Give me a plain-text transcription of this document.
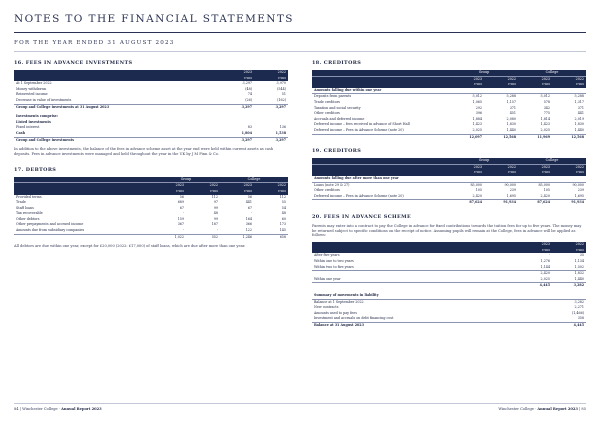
NOTES TO THE FINANCIAL STATEMENTS
FOR THE YEAR ENDED 31 AUGUST 2023
16. FEES IN ADVANCE INVESTMENTS
	2023	2022
	£'000	£'000
At 1 September 2022	3,297	3,970
Money withdrawn	(48)	(544)
Reinvested income	74	51
Decrease in value of investments	(26)	(162)
Group and College investments at 31 August 2023	3,297	3,297

Investments comprise:		
Listed investments		
Fixed interest	83	136
Cash	1,804	1,538
Group and College investments	3,297	3,297
In addition to the above investments, the balance of the fees in advance scheme asset at the year end were held within current assets as cash deposits. Fees in advance investments were managed and held throughout the year in the UK by J M Finn & Co.
17. DEBTORS
	Group		College	
	2023	2022	2023	2022
	£'000	£'000	£'000	£'000
Provided terms	56	112	56	112
Trade	689	97	441	55
Staff loans	67	99	67	54
Tax recoverable	-	48	-	48
Other debtors	159	99	164	60
Other prepayments and accrued income	367	187	366	173
Amounts due from subsidiary companies	-	-	122	145
	1,022	552	1,246	658
All debtors are due within one year, except for £20,000 (2022: £17,000) of staff loans, which are due after more than one year.
18. CREDITORS
	Group		College	
	2023	2022	2023	2022
	£'000	£'000	£'000	£'000
Amounts falling due within one year				
Deposits from parents	5,012	5,288	5,012	5,288
Trade creditors	1,065	1,157	578	1,317
Taxation and social security	292	371	342	371
Other creditors	396	451	775	441
Accruals and deferred income	1,884	2,080	1,814	2,019
Deferred income – fees received in advance of Short Hall	1,423	1,830	1,423	1,830
Deferred income – Fees in Advance Scheme (note 20)	2,025	1,440	2,025	1,440
	12,097	12,568	11,969	12,568
19. CREDITORS
	Group		College	
	2023	2022	2023	2022
	£'000	£'000	£'000	£'000
Amounts falling due after more than one year				
Loans (note 29 & 27)	85,000	90,000	85,000	90,000
Other creditors	105	239	105	239
Deferred income – Fees in Advance Scheme (note 20)	2,420	1,695	2,420	1,695
	87,624	91,934	87,624	91,934
20. FEES IN ADVANCE SCHEME
Parents may enter into a contract to pay the College in advance for fixed contributions towards the tuition fees for up to five years. The money may be returned subject to specific conditions on the receipt of notice. Assuming pupils will remain at the College, fees in advance will be applied as follows:
	2023	2022
	£'000	£'000
After five years	-	35
Within one to two years	1,276	1,134
Within two to five years	1,144	1,502
	2,420	1,832
Within one year	2,025	1,440
	4,445	3,282

Summary of movements in liability		
Balance at 1 September 2022		3,282
New contracts		2,271
Amounts used to pay fees		(1,466)
Investment and accruals on debt financing cost		358
Balance at 31 August 2023		4,445
84 | Winchester College · Annual Report 2023	Winchester College · Annual Report 2023 | 85
